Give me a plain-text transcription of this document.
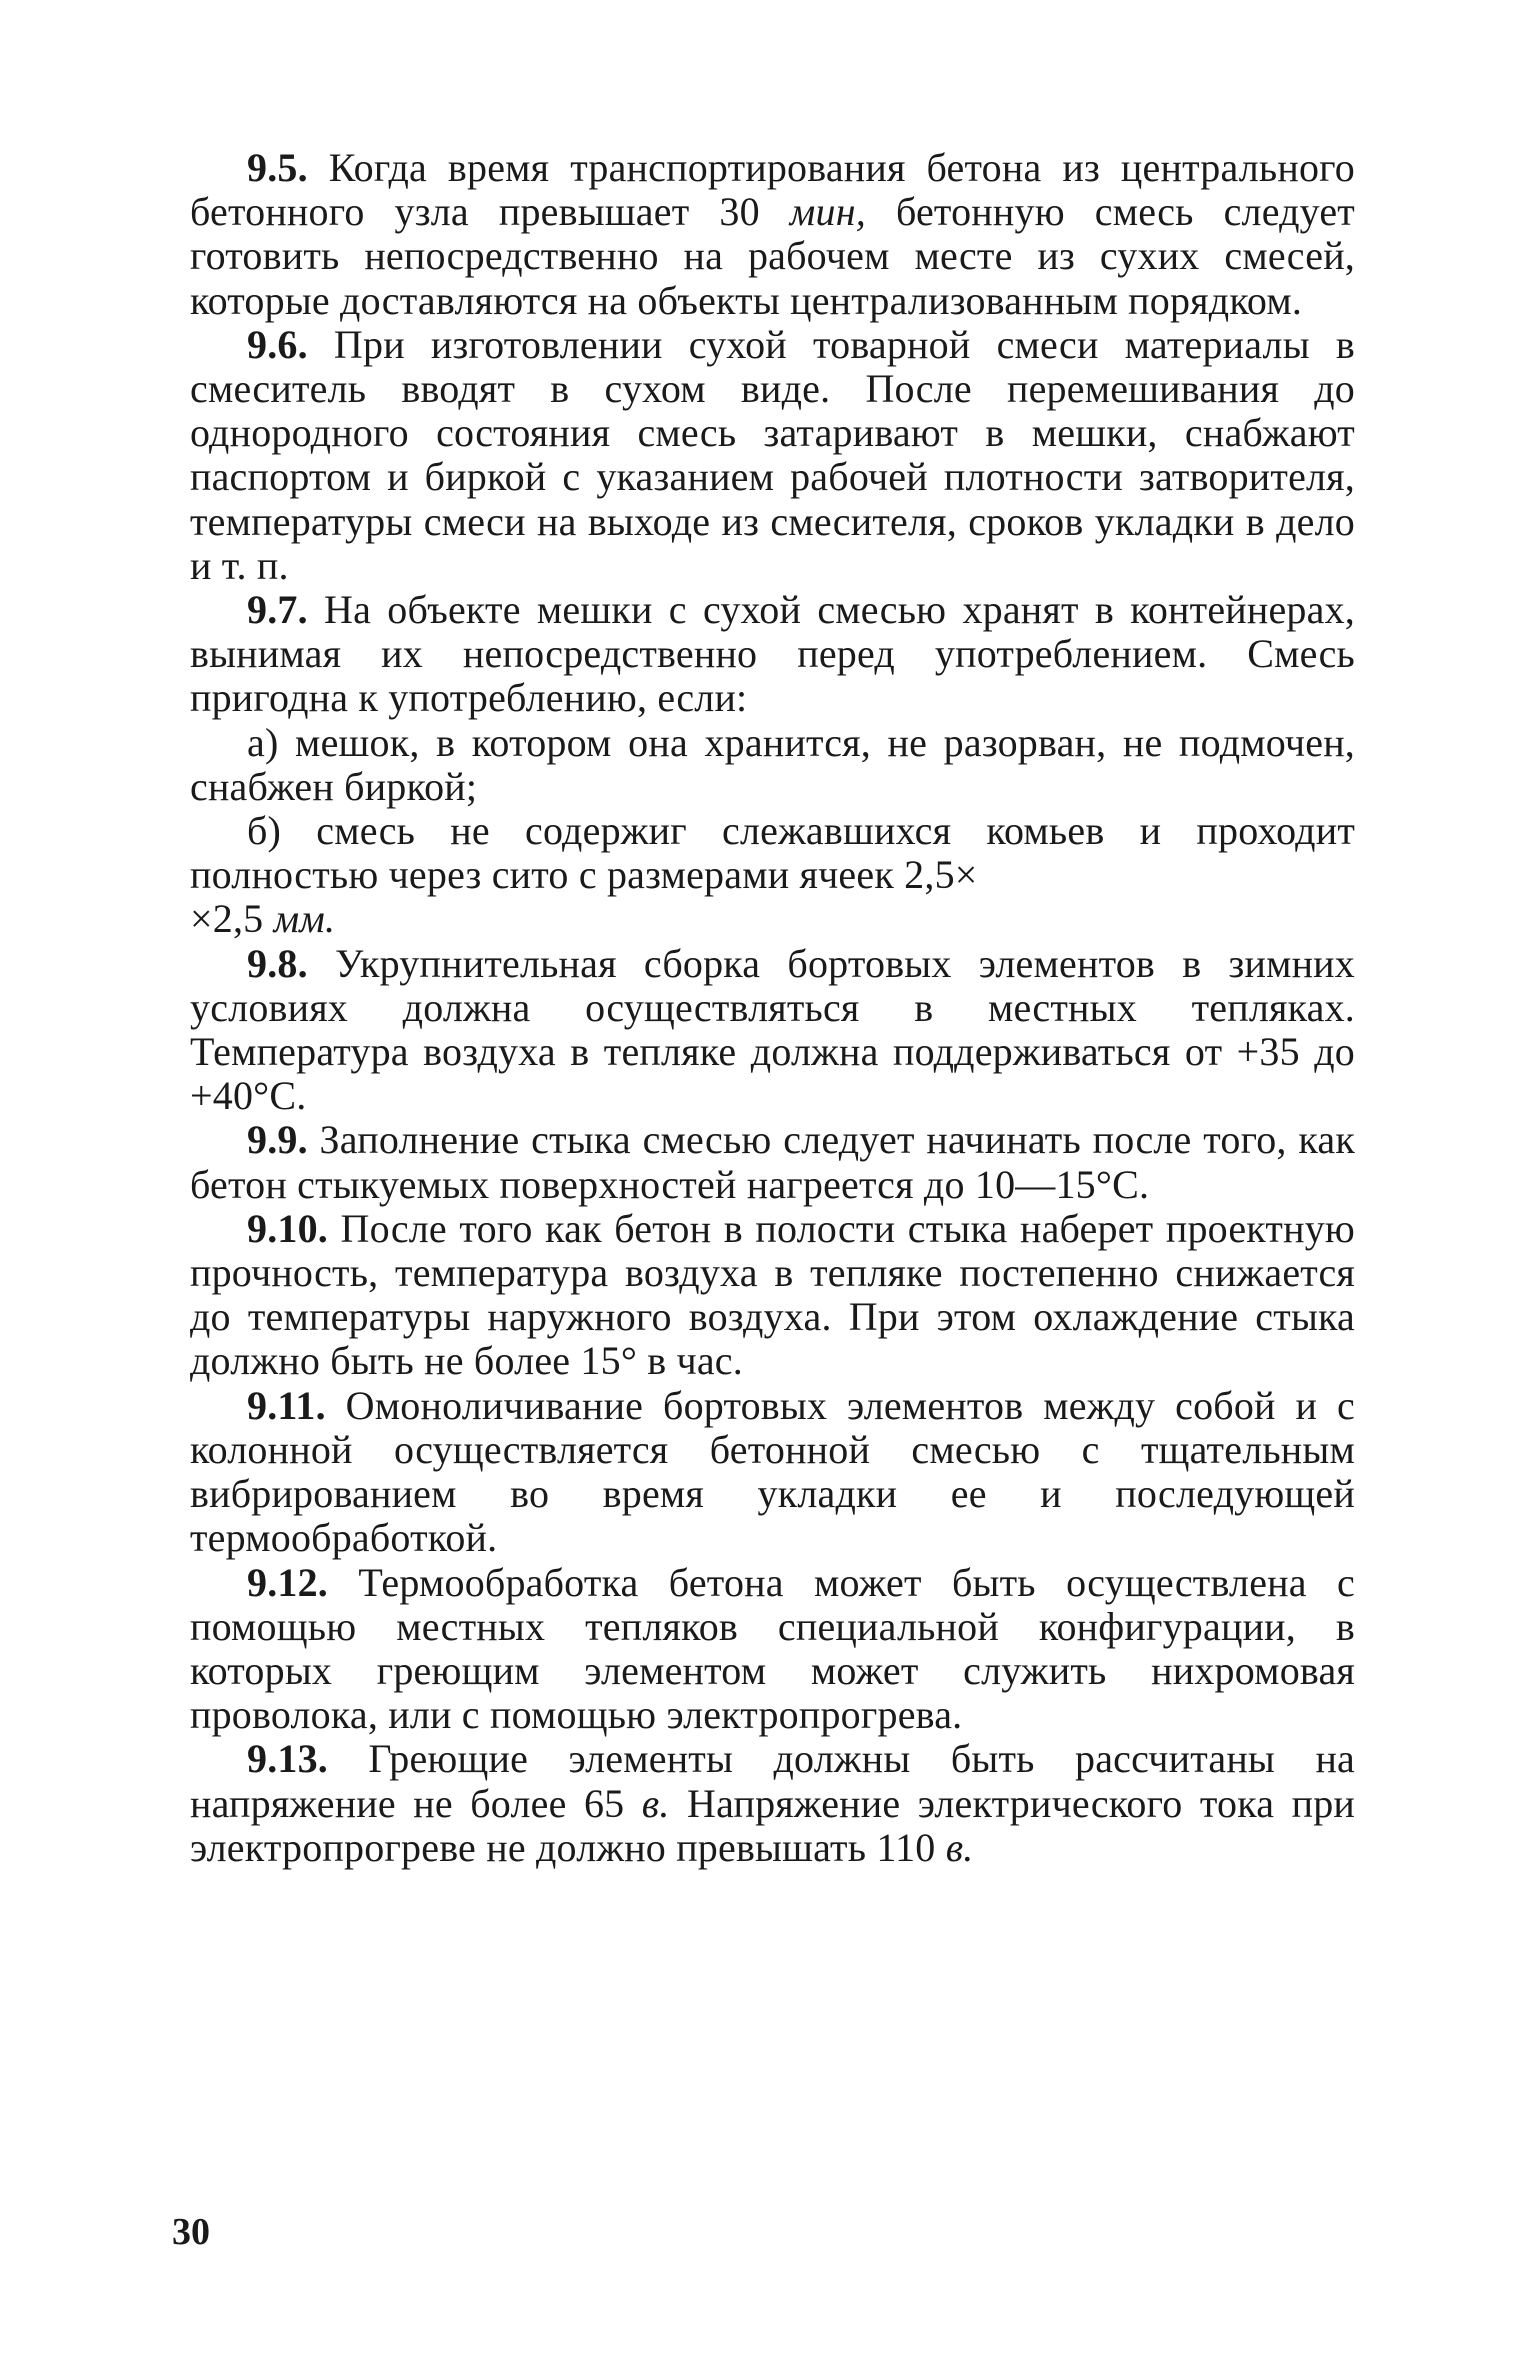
9.5. Когда время транспортирования бетона из центрального бетонного узла превышает 30 мин, бетонную смесь следует готовить непосредственно на рабочем месте из сухих смесей, которые доставляются на объекты централизованным порядком.

9.6. При изготовлении сухой товарной смеси материалы в смеситель вводят в сухом виде. После перемешивания до однородного состояния смесь затаривают в мешки, снабжают паспортом и биркой с указанием рабочей плотности затворителя, температуры смеси на выходе из смесителя, сроков укладки в дело и т. п.

9.7. На объекте мешки с сухой смесью хранят в контейнерах, вынимая их непосредственно перед употреблением. Смесь пригодна к употреблению, если:

а) мешок, в котором она хранится, не разорван, не подмочен, снабжен биркой;

б) смесь не содержиг слежавшихся комьев и проходит полностью через сито с размерами ячеек 2,5×
×2,5 мм.

9.8. Укрупнительная сборка бортовых элементов в зимних условиях должна осуществляться в местных тепляках. Температура воздуха в тепляке должна поддерживаться от +35 до +40°С.

9.9. Заполнение стыка смесью следует начинать после того, как бетон стыкуемых поверхностей нагреется до 10—15°С.

9.10. После того как бетон в полости стыка наберет проектную прочность, температура воздуха в тепляке постепенно снижается до температуры наружного воздуха. При этом охлаждение стыка должно быть не более 15° в час.

9.11. Омоноличивание бортовых элементов между собой и с колонной осуществляется бетонной смесью с тщательным вибрированием во время укладки ее и последующей термообработкой.

9.12. Термообработка бетона может быть осуществлена с помощью местных тепляков специальной конфигурации, в которых греющим элементом может служить нихромовая проволока, или с помощью электропрогрева.

9.13. Греющие элементы должны быть рассчитаны на напряжение не более 65 в. Напряжение электрического тока при электропрогреве не должно превышать 110 в.

30
